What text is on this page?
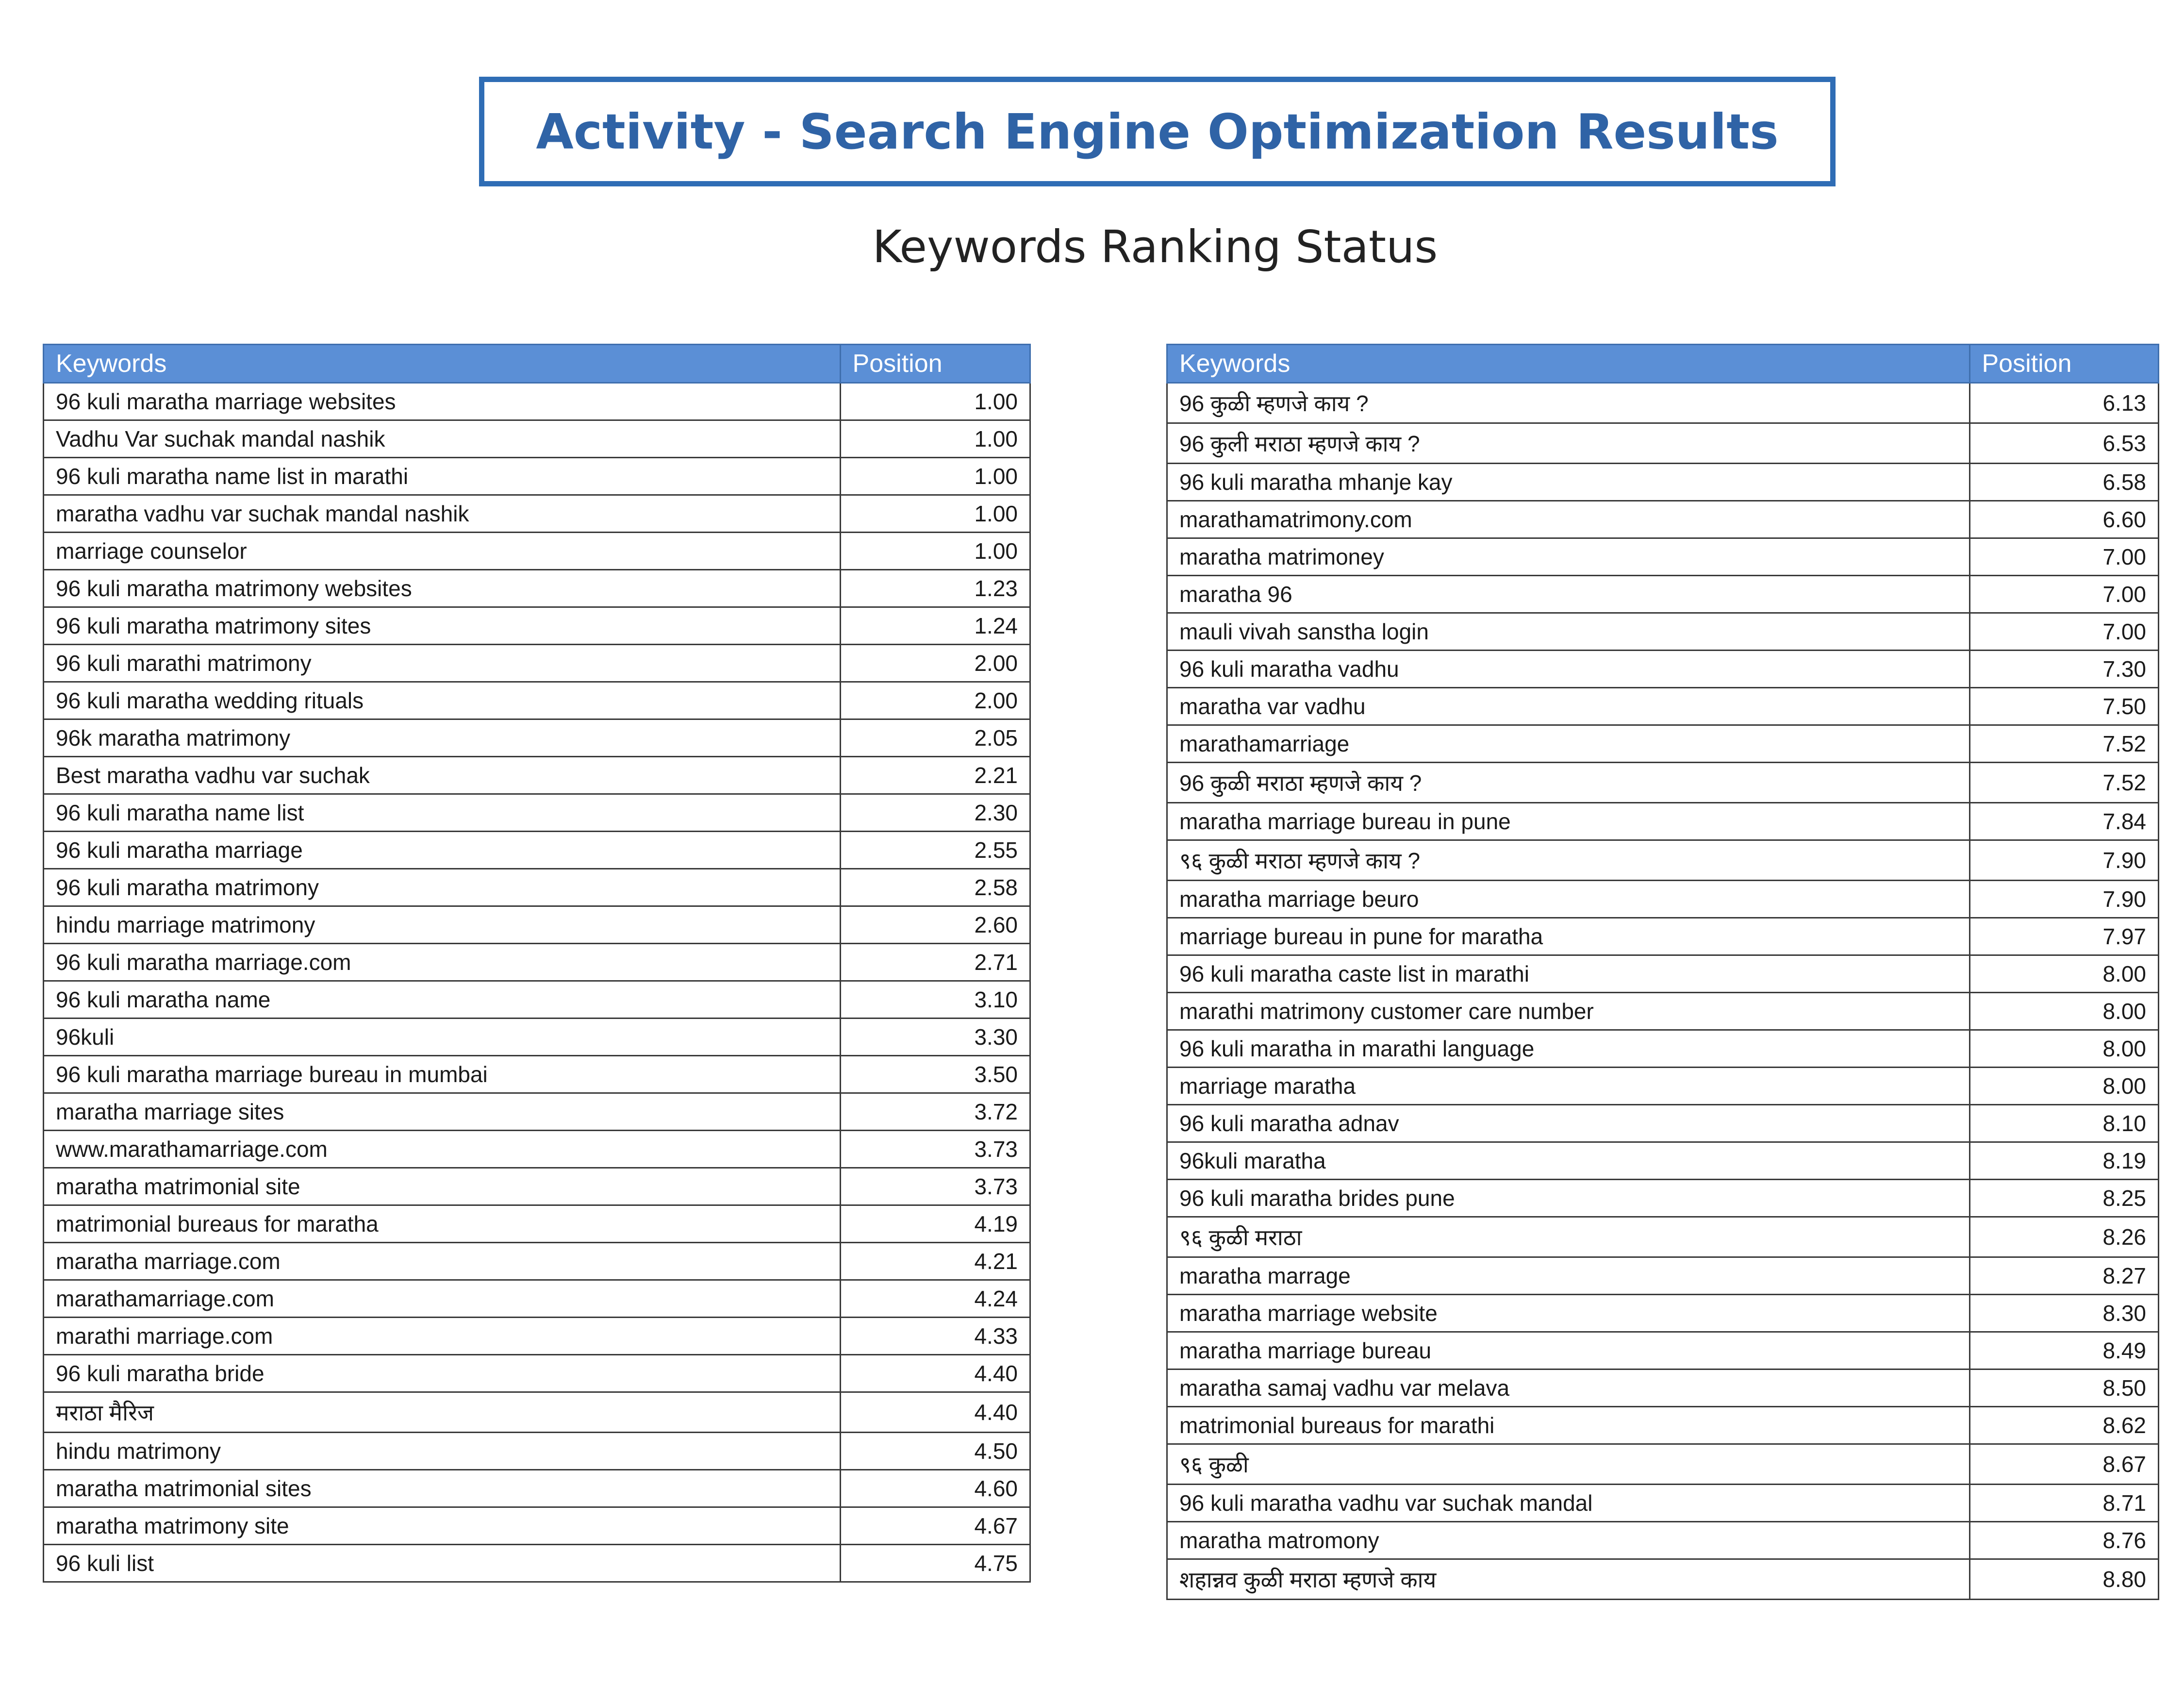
Activity - Search Engine Optimization Results
Keywords Ranking Status
Keywords	Position
96 kuli maratha marriage websites	1.00
Vadhu Var suchak mandal nashik	1.00
96 kuli maratha name list in marathi	1.00
maratha vadhu var suchak mandal nashik	1.00
marriage counselor	1.00
96 kuli maratha matrimony websites	1.23
96 kuli maratha matrimony sites	1.24
96 kuli marathi matrimony	2.00
96 kuli maratha wedding rituals	2.00
96k maratha matrimony	2.05
Best maratha vadhu var suchak	2.21
96 kuli maratha name list	2.30
96 kuli maratha marriage	2.55
96 kuli maratha matrimony	2.58
hindu marriage matrimony	2.60
96 kuli maratha marriage.com	2.71
96 kuli maratha name	3.10
96kuli	3.30
96 kuli maratha marriage bureau in mumbai	3.50
maratha marriage sites	3.72
www.marathamarriage.com	3.73
maratha matrimonial site	3.73
matrimonial bureaus for maratha	4.19
maratha marriage.com	4.21
marathamarriage.com	4.24
marathi marriage.com	4.33
96 kuli maratha bride	4.40
मराठा मैरिज	4.40
hindu matrimony	4.50
maratha matrimonial sites	4.60
maratha matrimony site	4.67
96 kuli list	4.75
Keywords	Position
96 कुळी म्हणजे काय ?	6.13
96 कुली मराठा म्हणजे काय ?	6.53
96 kuli maratha mhanje kay	6.58
marathamatrimony.com	6.60
maratha matrimoney	7.00
maratha 96	7.00
mauli vivah sanstha login	7.00
96 kuli maratha vadhu	7.30
maratha var vadhu	7.50
marathamarriage	7.52
96 कुळी मराठा म्हणजे काय ?	7.52
maratha marriage bureau in pune	7.84
९६ कुळी मराठा म्हणजे काय ?	7.90
maratha marriage beuro	7.90
marriage bureau in pune for maratha	7.97
96 kuli maratha caste list in marathi	8.00
marathi matrimony customer care number	8.00
96 kuli maratha in marathi language	8.00
marriage maratha	8.00
96 kuli maratha adnav	8.10
96kuli maratha	8.19
96 kuli maratha brides pune	8.25
९६ कुळी मराठा	8.26
maratha marrage	8.27
maratha marriage website	8.30
maratha marriage bureau	8.49
maratha samaj vadhu var melava	8.50
matrimonial bureaus for marathi	8.62
९६ कुळी	8.67
96 kuli maratha vadhu var suchak mandal	8.71
maratha matromony	8.76
शहान्नव कुळी मराठा म्हणजे काय	8.80
